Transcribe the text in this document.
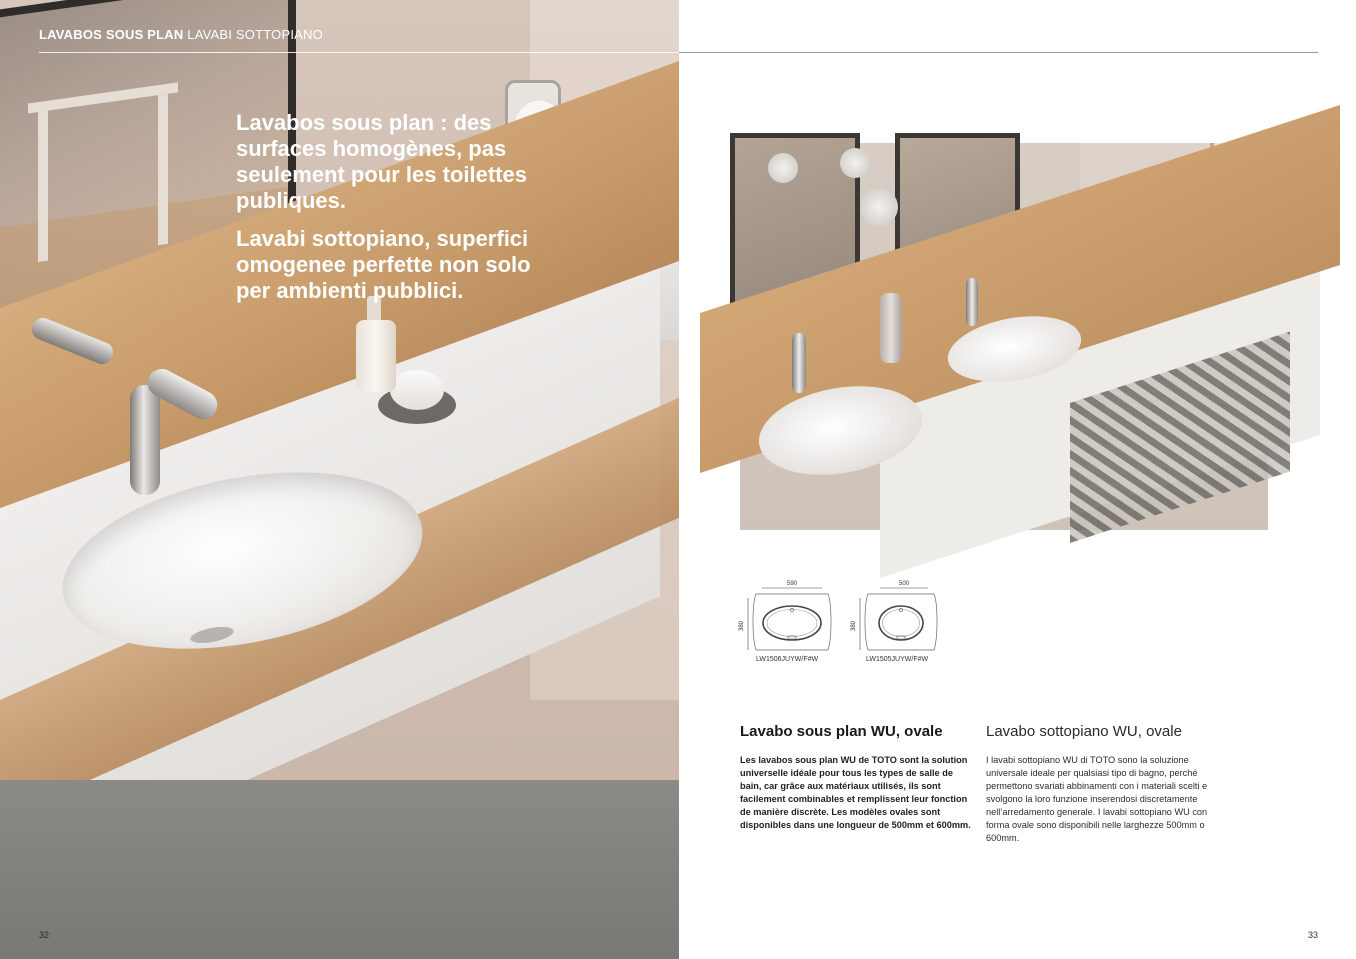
LAVABOS SOUS PLAN LAVABI SOTTOPIANO
Lavabos sous plan : des surfaces homogènes, pas seulement pour les toilettes publiques.
Lavabi sottopiano, superfici omogenee perfette non solo per ambienti pubblici.
32
590
380
LW1506JUYW/F#W
500
380
LW1505JUYW/F#W
Lavabo sous plan WU, ovale	Lavabo sottopiano WU, ovale

Les lavabos sous plan WU de TOTO sont la solution universelle idéale pour tous les types de salle de bain, car grâce aux matériaux utilisés, ils sont facilement combinables et remplissent leur fonction de manière discrète. Les modèles ovales sont disponibles dans une longueur de 500mm et 600mm.

I lavabi sottopiano WU di TOTO sono la soluzione universale ideale per qualsiasi tipo di bagno, perché permettono svariati abbinamenti con i materiali scelti e svolgono la loro funzione inserendosi discretamente nell’arredamento generale. I lavabi sottopiano WU con forma ovale sono disponibili nelle larghezze 500mm o 600mm.

33
